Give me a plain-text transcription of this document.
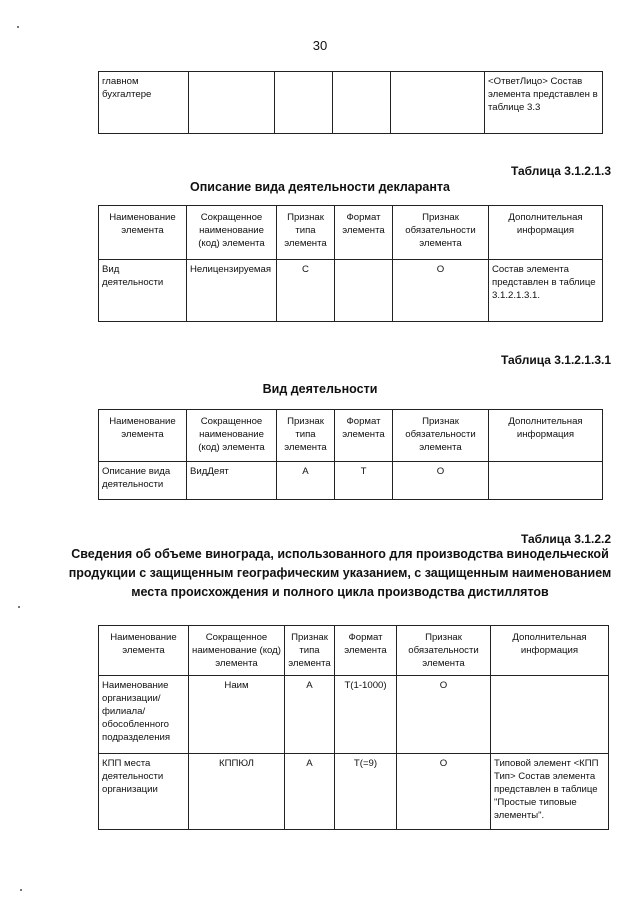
30
главном бухгалтере					<ОтветЛицо> Состав элемента представлен в таблице 3.3
Таблица 3.1.2.1.3
Описание вида деятельности декларанта
Наименование элемента	Сокращенное наименование (код) элемента	Признак типа элемента	Формат элемента	Признак обязательности элемента	Дополнительная информация
Вид деятельности	Нелицензируемая	С		О	Состав элемента представлен в таблице 3.1.2.1.3.1.
Таблица 3.1.2.1.3.1
Вид деятельности
Наименование элемента	Сокращенное наименование (код) элемента	Признак типа элемента	Формат элемента	Признак обязательности элемента	Дополнительная информация
Описание вида деятельности	ВидДеят	А	Т	О	
Таблица 3.1.2.2
Сведения об объеме винограда, использованного для производства винодельческой
продукции с защищенным географическим указанием, с защищенным наименованием
места происхождения и полного цикла производства дистиллятов
Наименование элемента	Сокращенное наименование (код) элемента	Признак типа элемента	Формат элемента	Признак обязательности элемента	Дополнительная информация
Наименование организации/ филиала/ обособленного подразделения	Наим	А	Т(1-1000)	О	
КПП места деятельности организации	КППЮЛ	А	Т(=9)	О	Типовой элемент <КПП Тип> Состав элемента представлен в таблице "Простые типовые элементы".
